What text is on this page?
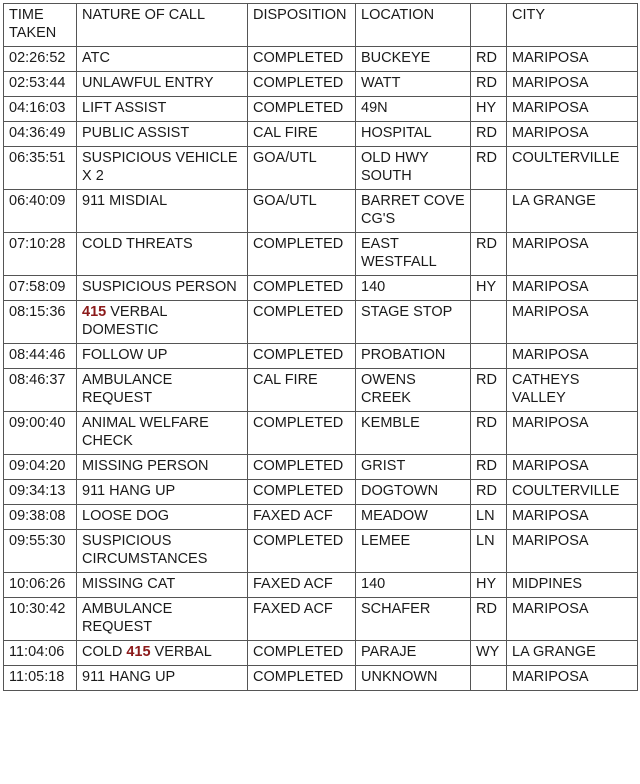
TIME TAKEN	NATURE OF CALL	DISPOSITION	LOCATION		CITY
02:26:52	ATC	COMPLETED	BUCKEYE	RD	MARIPOSA
02:53:44	UNLAWFUL ENTRY	COMPLETED	WATT	RD	MARIPOSA
04:16:03	LIFT ASSIST	COMPLETED	49N	HY	MARIPOSA
04:36:49	PUBLIC ASSIST	CAL FIRE	HOSPITAL	RD	MARIPOSA
06:35:51	SUSPICIOUS VEHICLE X 2	GOA/UTL	OLD HWY SOUTH	RD	COULTERVILLE
06:40:09	911 MISDIAL	GOA/UTL	BARRET COVE CG'S		LA GRANGE
07:10:28	COLD THREATS	COMPLETED	EAST WESTFALL	RD	MARIPOSA
07:58:09	SUSPICIOUS PERSON	COMPLETED	140	HY	MARIPOSA
08:15:36	415 VERBAL DOMESTIC	COMPLETED	STAGE STOP		MARIPOSA
08:44:46	FOLLOW UP	COMPLETED	PROBATION		MARIPOSA
08:46:37	AMBULANCE REQUEST	CAL FIRE	OWENS CREEK	RD	CATHEYS VALLEY
09:00:40	ANIMAL WELFARE CHECK	COMPLETED	KEMBLE	RD	MARIPOSA
09:04:20	MISSING PERSON	COMPLETED	GRIST	RD	MARIPOSA
09:34:13	911 HANG UP	COMPLETED	DOGTOWN	RD	COULTERVILLE
09:38:08	LOOSE DOG	FAXED ACF	MEADOW	LN	MARIPOSA
09:55:30	SUSPICIOUS CIRCUMSTANCES	COMPLETED	LEMEE	LN	MARIPOSA
10:06:26	MISSING CAT	FAXED ACF	140	HY	MIDPINES
10:30:42	AMBULANCE REQUEST	FAXED ACF	SCHAFER	RD	MARIPOSA
11:04:06	COLD 415 VERBAL	COMPLETED	PARAJE	WY	LA GRANGE
11:05:18	911 HANG UP	COMPLETED	UNKNOWN		MARIPOSA
